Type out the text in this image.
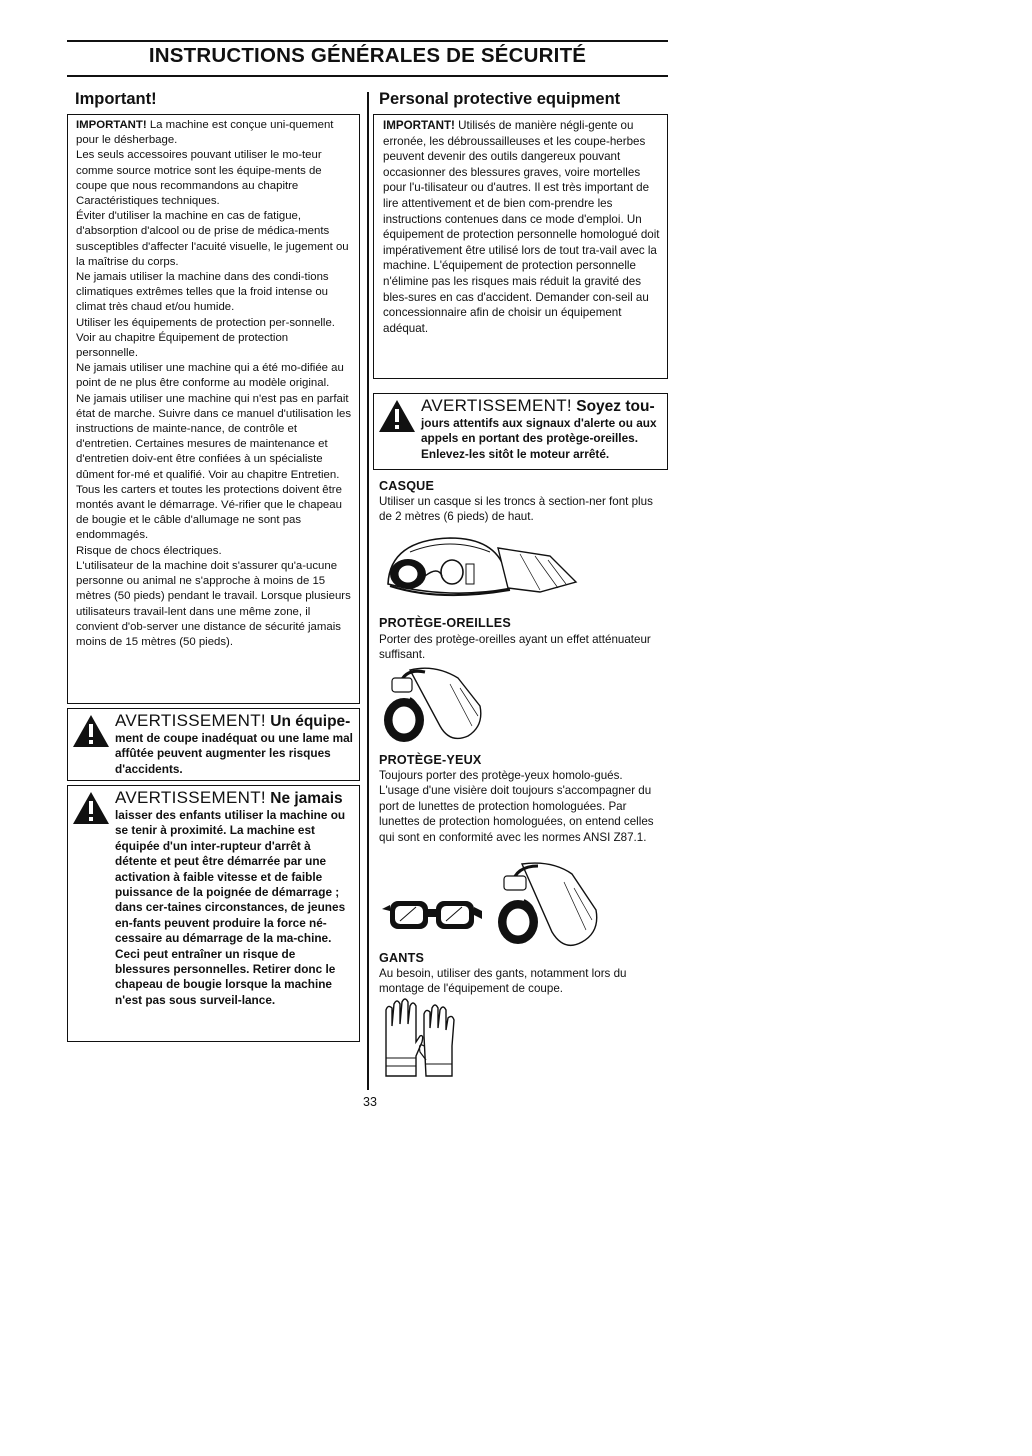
INSTRUCTIONS GÉNÉRALES DE SÉCURITÉ
Important!

IMPORTANT! La machine est conçue uni-quement pour le désherbage.

Les seuls accessoires pouvant utiliser le mo-teur comme source motrice sont les équipe-ments de coupe que nous recommandons au chapitre Caractéristiques techniques.

Éviter d'utiliser la machine en cas de fatigue, d'absorption d'alcool ou de prise de médica-ments susceptibles d'affecter l'acuité visuelle, le jugement ou la maîtrise du corps.

Ne jamais utiliser la machine dans des condi-tions climatiques extrêmes telles que la froid intense ou climat très chaud et/ou humide.

Utiliser les équipements de protection per-sonnelle. Voir au chapitre Équipement de protection personnelle.

Ne jamais utiliser une machine qui a été mo-difiée au point de ne plus être conforme au modèle original.

Ne jamais utiliser une machine qui n'est pas en parfait état de marche. Suivre dans ce manuel d'utilisation les instructions de mainte-nance, de contrôle et d'entretien. Certaines mesures de maintenance et d'entretien doiv-ent être confiées à un spécialiste dûment for-mé et qualifié. Voir au chapitre Entretien.

Tous les carters et toutes les protections doivent être montés avant le démarrage. Vé-rifier que le chapeau de bougie et le câble d'allumage ne sont pas endommagés.

Risque de chocs électriques.

L'utilisateur de la machine doit s'assurer qu'a-ucune personne ou animal ne s'approche à moins de 15 mètres (50 pieds) pendant le travail. Lorsque plusieurs utilisateurs travail-lent dans une même zone, il convient d'ob-server une distance de sécurité jamais moins de 15 mètres (50 pieds).

AVERTISSEMENT! Un équipe-

ment de coupe inadéquat ou une lame mal affûtée peuvent augmenter les risques d'accidents.

AVERTISSEMENT! Ne jamais

laisser des enfants utiliser la machine ou se tenir à proximité. La machine est équipée d'un inter-rupteur d'arrêt à détente et peut être démarrée par une activation à faible vitesse et de faible puissance de la poignée de démarrage ; dans cer-taines circonstances, de jeunes en-fants peuvent produire la force né-cessaire au démarrage de la ma-chine. Ceci peut entraîner un risque de blessures personnelles. Retirer donc le chapeau de bougie lorsque la machine n'est pas sous surveil-lance.

Personal protective equipment

IMPORTANT! Utilisés de manière négli-gente ou erronée, les débroussailleuses et les coupe-herbes peuvent devenir des outils dangereux pouvant occasionner des blessures graves, voire mortelles pour l'u-tilisateur ou d'autres. Il est très important de lire attentivement et de bien com-prendre les instructions contenues dans ce mode d'emploi. Un équipement de protection personnelle homologué doit impérativement être utilisé lors de tout tra-vail avec la machine. L'équipement de protection personnelle n'élimine pas les risques mais réduit la gravité des bles-sures en cas d'accident. Demander con-seil au concessionnaire afin de choisir un équipement adéquat.

AVERTISSEMENT! Soyez tou-

jours attentifs aux signaux d'alerte ou aux appels en portant des protège-oreilles. Enlevez-les sitôt le moteur arrêté.

CASQUE

Utiliser un casque si les troncs à section-ner font plus de 2 mètres (6 pieds) de haut.

PROTÈGE-OREILLES

Porter des protège-oreilles ayant un effet atténuateur suffisant.

PROTÈGE-YEUX

Toujours porter des protège-yeux homolo-gués. L'usage d'une visière doit toujours s'accompagner du port de lunettes de protection homologuées. Par lunettes de protection homologuées, on entend celles qui sont en conformité avec les normes ANSI Z87.1.

GANTS

Au besoin, utiliser des gants, notamment lors du montage de l'équipement de coupe.

33
